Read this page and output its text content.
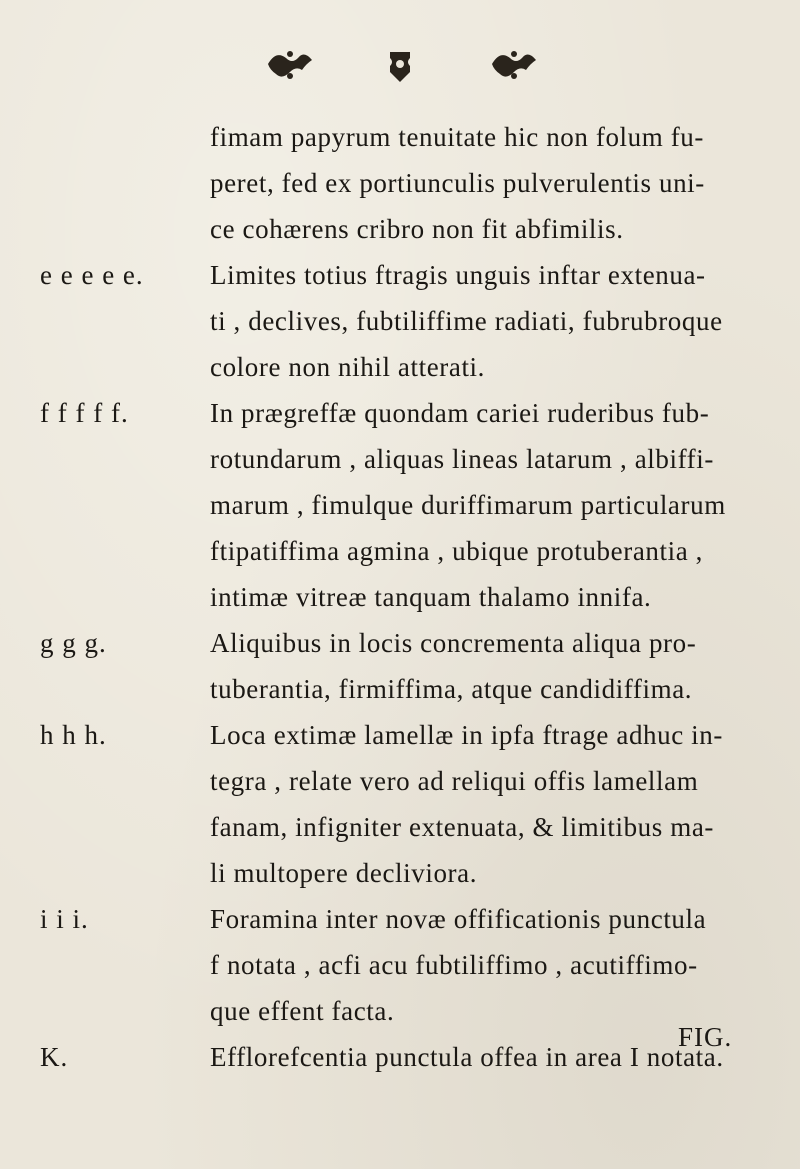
fimam papyrum tenuitate hic non folum fu-
peret, fed ex portiunculis pulverulentis uni-
ce cohærens cribro non fit abfimilis.
e e e e e. Limites totius ftragis unguis inftar extenua-
ti , declives, fubtiliffime radiati, fubrubroque
colore non nihil atterati.
f f f f f.	In prægreffæ quondam cariei ruderibus fub-
rotundarum , aliquas lineas latarum , albiffi-
marum , fimulque duriffimarum particularum
ftipatiffima agmina , ubique protuberantia ,
intimæ vitreæ tanquam thalamo innifa.
g g g.	Aliquibus in locis concrementa aliqua pro-
tuberantia, firmiffima, atque candidiffima.
h h h.	Loca extimæ lamellæ in ipfa ftrage adhuc in-
tegra , relate vero ad reliqui offis lamellam
fanam, infigniter extenuata, & limitibus ma-
li multopere decliviora.
i i i.	Foramina inter novæ offificationis punctula
f notata , acfi acu fubtiliffimo , acutiffimo-
que effent facta.
K.	Efflorefcentia punctula offea in area I notata.
FIG.
